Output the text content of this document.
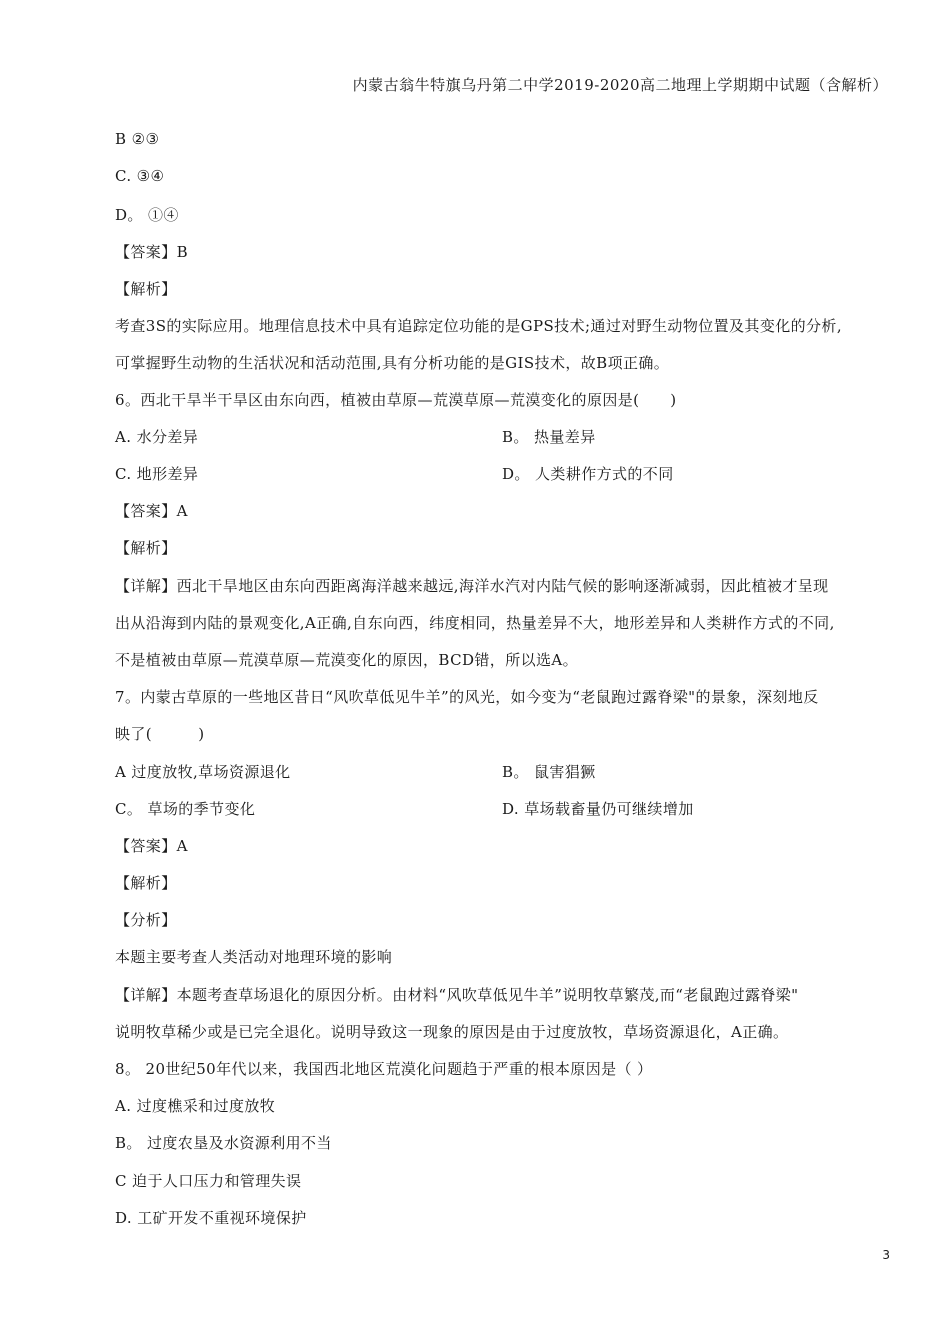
内蒙古翁牛特旗乌丹第二中学2019-2020高二地理上学期期中试题（含解析）
B ②③
C. ③④
D。 ①④
【答案】B
【解析】
考查3S的实际应用。地理信息技术中具有追踪定位功能的是GPS技术;通过对野生动物位置及其变化的分析,
可掌握野生动物的生活状况和活动范围,具有分析功能的是GIS技术，故B项正确。
6。西北干旱半干旱区由东向西，植被由草原—荒漠草原—荒漠变化的原因是(　　)
A. 水分差异	B。 热量差异
C. 地形差异	D。 人类耕作方式的不同
【答案】A
【解析】
【详解】西北干旱地区由东向西距离海洋越来越远,海洋水汽对内陆气候的影响逐渐减弱，因此植被才呈现
出从沿海到内陆的景观变化,A正确,自东向西，纬度相同，热量差异不大，地形差异和人类耕作方式的不同,
不是植被由草原—荒漠草原—荒漠变化的原因，BCD错，所以选A。
7。内蒙古草原的一些地区昔日“风吹草低见牛羊”的风光，如今变为“老鼠跑过露脊梁"的景象，深刻地反
映了(　　　)
A 过度放牧,草场资源退化	B。 鼠害猖獗
C。 草场的季节变化	D. 草场载畜量仍可继续增加
【答案】A
【解析】
【分析】
本题主要考查人类活动对地理环境的影响
【详解】本题考查草场退化的原因分析。由材料“风吹草低见牛羊”说明牧草繁茂,而“老鼠跑过露脊梁"
说明牧草稀少或是已完全退化。说明导致这一现象的原因是由于过度放牧，草场资源退化，A正确。
8。 20世纪50年代以来，我国西北地区荒漠化问题趋于严重的根本原因是（ ）
A. 过度樵采和过度放牧
B。 过度农垦及水资源利用不当
C 迫于人口压力和管理失误
D. 工矿开发不重视环境保护
3
